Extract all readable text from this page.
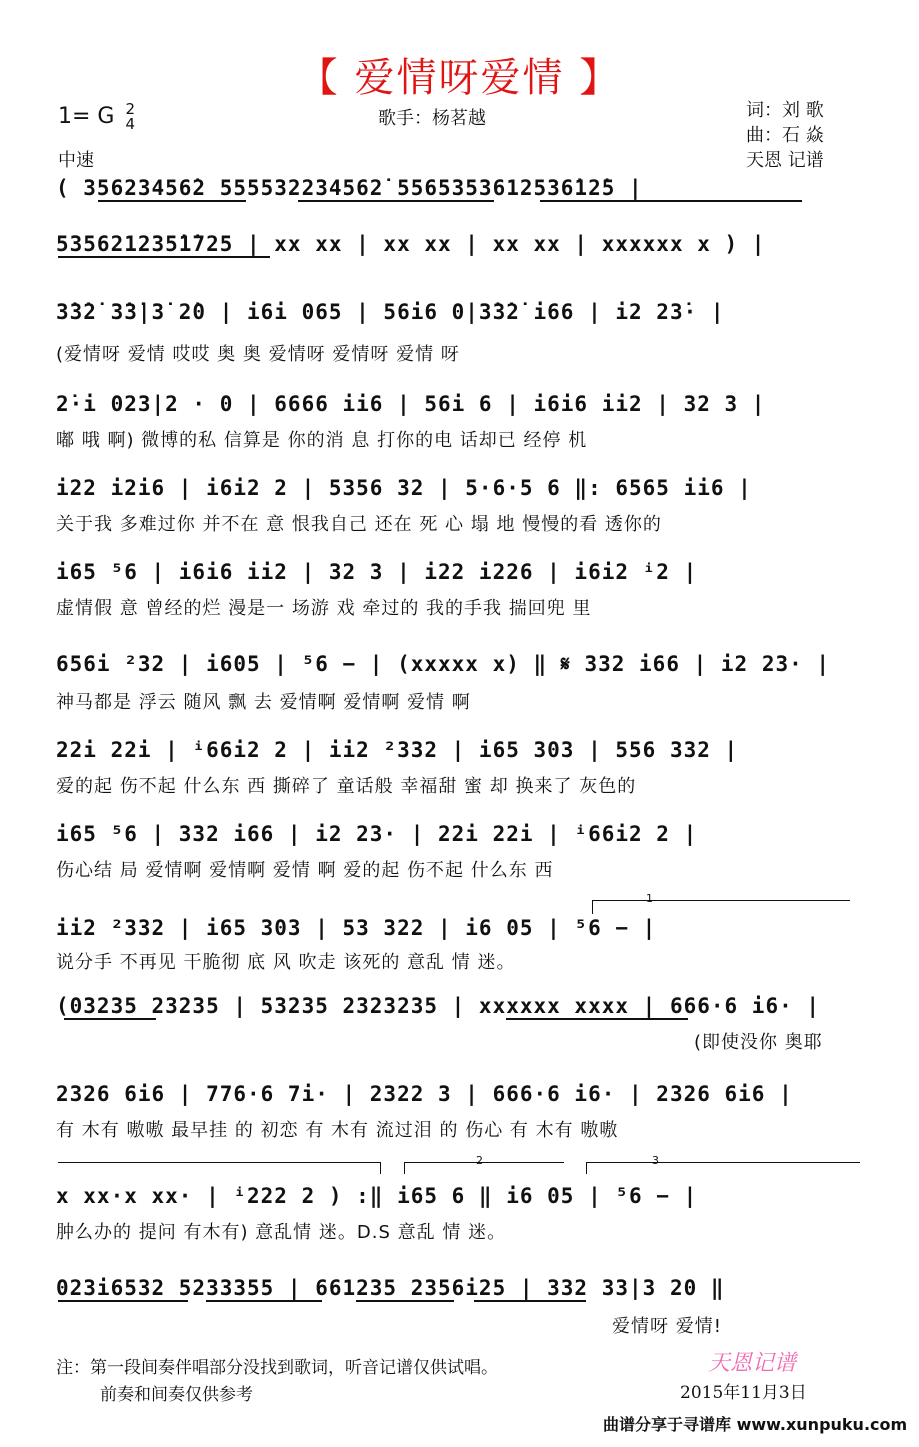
【 爱情呀爱情 】
1= G 2
4	歌手：杨茗越	词：刘 歌
曲：石 焱
天恩 记谱
中速
( 35623456̇2 555532234562̇ 5565353612536̇12̇5 |
535621235̇1̇725 | xx xx | xx xx | xx xx | xxxxxx x ) |
3̇3̇2̇ 3̇3̇|3̇ 2̇0 | i6i 065 | 56i6 0|3̇3̇2̇ i66 | i2 23̇· |
(爱情呀 爱情 哎哎 奥 奥 爱情呀 爱情呀 爱情 呀
2̇·i 023|2 · 0 | 6666 ii6 | 56i 6 | i6i6 ii2 | 32 3 |
嘟 哦 啊) 微博的私 信算是 你的消 息 打你的电 话却已 经停 机
i22 i2i6 | i6i2 2 | 5356 32 | 5·6·5 6 ‖: 6565 ii6 |
关于我 多难过你 并不在 意 恨我自己 还在 死 心 塌 地 慢慢的看 透你的
i65 ⁵6 | i6i6 ii2 | 32 3 | i22 i226 | i6i2 ⁱ2 |
虚情假 意 曾经的烂 漫是一 场游 戏 牵过的 我的手我 揣回兜 里
656i ²32 | i605 | ⁵6 − | (xxxxx x) ‖ 𝄋 332 i66 | i2 23· |
神马都是 浮云 随风 飘 去 爱情啊 爱情啊 爱情 啊
22i 22i | ⁱ66i2 2 | ii2 ²332 | i65 303 | 556 332 |
爱的起 伤不起 什么东 西 撕碎了 童话般 幸福甜 蜜 却 换来了 灰色的
i65 ⁵6 | 332 i66 | i2 23· | 22i 22i | ⁱ66i2 2 |
伤心结 局 爱情啊 爱情啊 爱情 啊 爱的起 伤不起 什么东 西
1
ii2 ²332 | i65 303 | 53 322 | i6 05 | ⁵6 − |
说分手 不再见 干脆彻 底 风 吹走 该死的 意乱 情 迷。
(03235 23235 | 53235 2323235 | xxxxxx xxxx | 666·6 i6· |
(即使没你 奥耶
2326 6i6 | 776·6 7i· | 2322 3 | 666·6 i6· | 2326 6i6 |
有 木有 嗷嗷 最早挂 的 初恋 有 木有 流过泪 的 伤心 有 木有 嗷嗷
2	3
x xx·x xx· | ⁱ222 2 ) :‖ i65 6 ‖ i6 05 | ⁵6 − |
肿么办的 提问 有木有) 意乱情 迷。D.S 意乱 情 迷。
023i6532 5233355 | 661235 2356i25 | 332 33|3 20 ‖
爱情呀 爱情!
注：第一段间奏伴唱部分没找到歌词，听音记谱仅供试唱。
前奏和间奏仅供参考
天恩记谱
2015年11月3日
曲谱分享于寻谱库 www.xunpuku.com
